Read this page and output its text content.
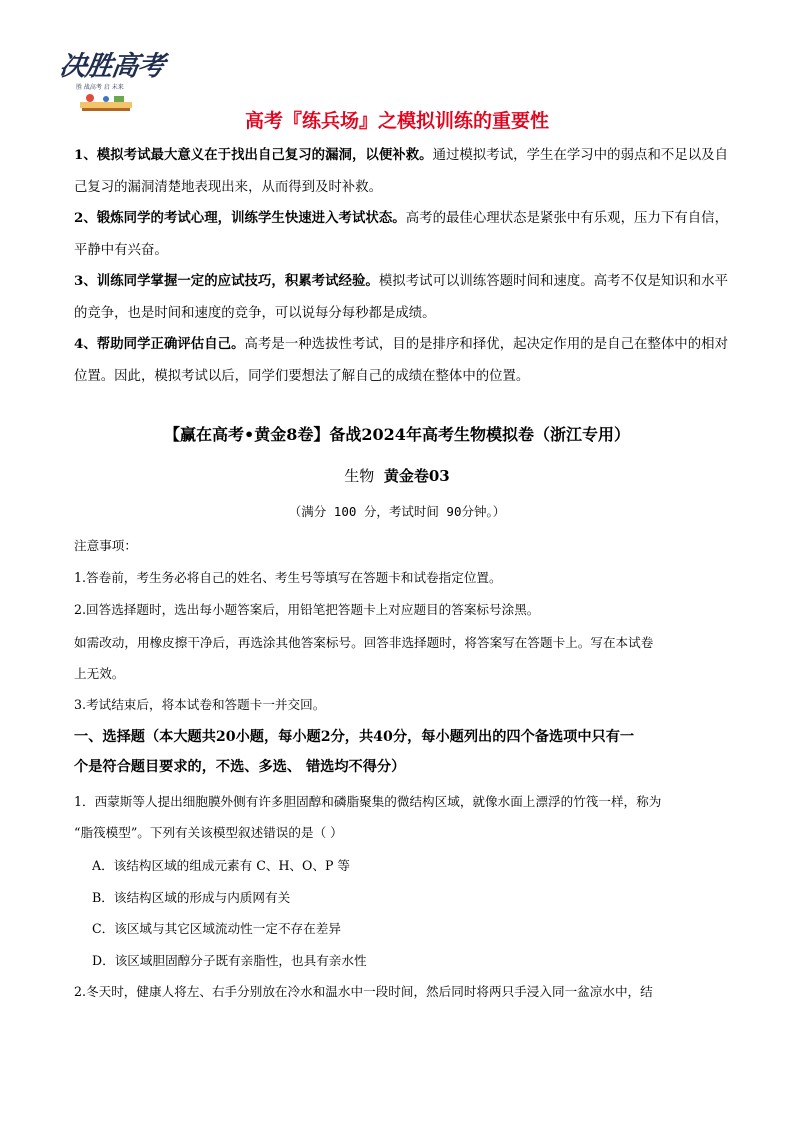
决胜高考
胜 战高考 启 未来
高考『练兵场』之模拟训练的重要性
1、模拟考试最大意义在于找出自己复习的漏洞，以便补救。通过模拟考试，学生在学习中的弱点和不足以及自己复习的漏洞清楚地表现出来，从而得到及时补救。
2、锻炼同学的考试心理，训练学生快速进入考试状态。高考的最佳心理状态是紧张中有乐观，压力下有自信，平静中有兴奋。
3、训练同学掌握一定的应试技巧，积累考试经验。模拟考试可以训练答题时间和速度。高考不仅是知识和水平的竞争，也是时间和速度的竞争，可以说每分每秒都是成绩。
4、帮助同学正确评估自己。高考是一种选拔性考试，目的是排序和择优，起决定作用的是自己在整体中的相对位置。因此，模拟考试以后，同学们要想法了解自己的成绩在整体中的位置。
【赢在高考•黄金8卷】备战2024年高考生物模拟卷（浙江专用）
生物 黄金卷03
（满分 100 分，考试时间 90分钟。）
注意事项：
1.答卷前，考生务必将自己的姓名、考生号等填写在答题卡和试卷指定位置。
2.回答选择题时，选出每小题答案后，用铅笔把答题卡上对应题目的答案标号涂黑。
如需改动，用橡皮擦干净后，再选涂其他答案标号。回答非选择题时，将答案写在答题卡上。写在本试卷
上无效。
3.考试结束后，将本试卷和答题卡一并交回。
一、选择题（本大题共20小题，每小题2分，共40分，每小题列出的四个备选项中只有一
个是符合题目要求的，不选、多选、 错选均不得分）
1．西蒙斯等人提出细胞膜外侧有许多胆固醇和磷脂聚集的微结构区域，就像水面上漂浮的竹筏一样，称为
“脂筏模型”。下列有关该模型叙述错误的是（ ）
A．该结构区域的组成元素有 C、H、O、P 等
B．该结构区域的形成与内质网有关
C．该区域与其它区域流动性一定不存在差异
D．该区域胆固醇分子既有亲脂性，也具有亲水性
2.冬天时，健康人将左、右手分别放在冷水和温水中一段时间，然后同时将两只手浸入同一盆凉水中，结
